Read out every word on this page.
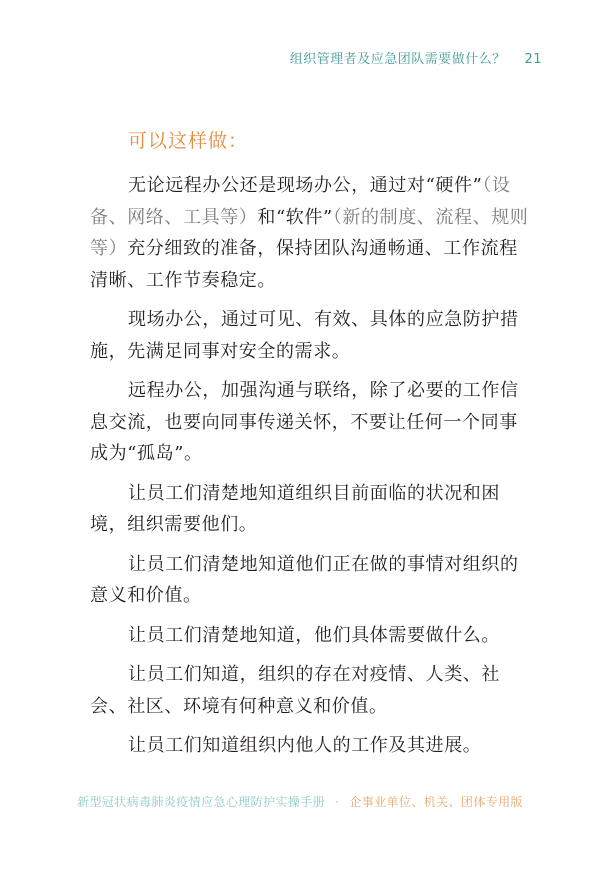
组织管理者及应急团队需要做什么？ 21
可以这样做：

无论远程办公还是现场办公，通过对“硬件”（设备、网络、工具等）和“软件”（新的制度、流程、规则等）充分细致的准备，保持团队沟通畅通、工作流程清晰、工作节奏稳定。

现场办公，通过可见、有效、具体的应急防护措施，先满足同事对安全的需求。

远程办公，加强沟通与联络，除了必要的工作信息交流，也要向同事传递关怀，不要让任何一个同事成为“孤岛”。

让员工们清楚地知道组织目前面临的状况和困境，组织需要他们。

让员工们清楚地知道他们正在做的事情对组织的意义和价值。

让员工们清楚地知道，他们具体需要做什么。

让员工们知道，组织的存在对疫情、人类、社会、社区、环境有何种意义和价值。

让员工们知道组织内他人的工作及其进展。

新型冠状病毒肺炎疫情应急心理防护实操手册 · 企事业单位、机关、团体专用版
